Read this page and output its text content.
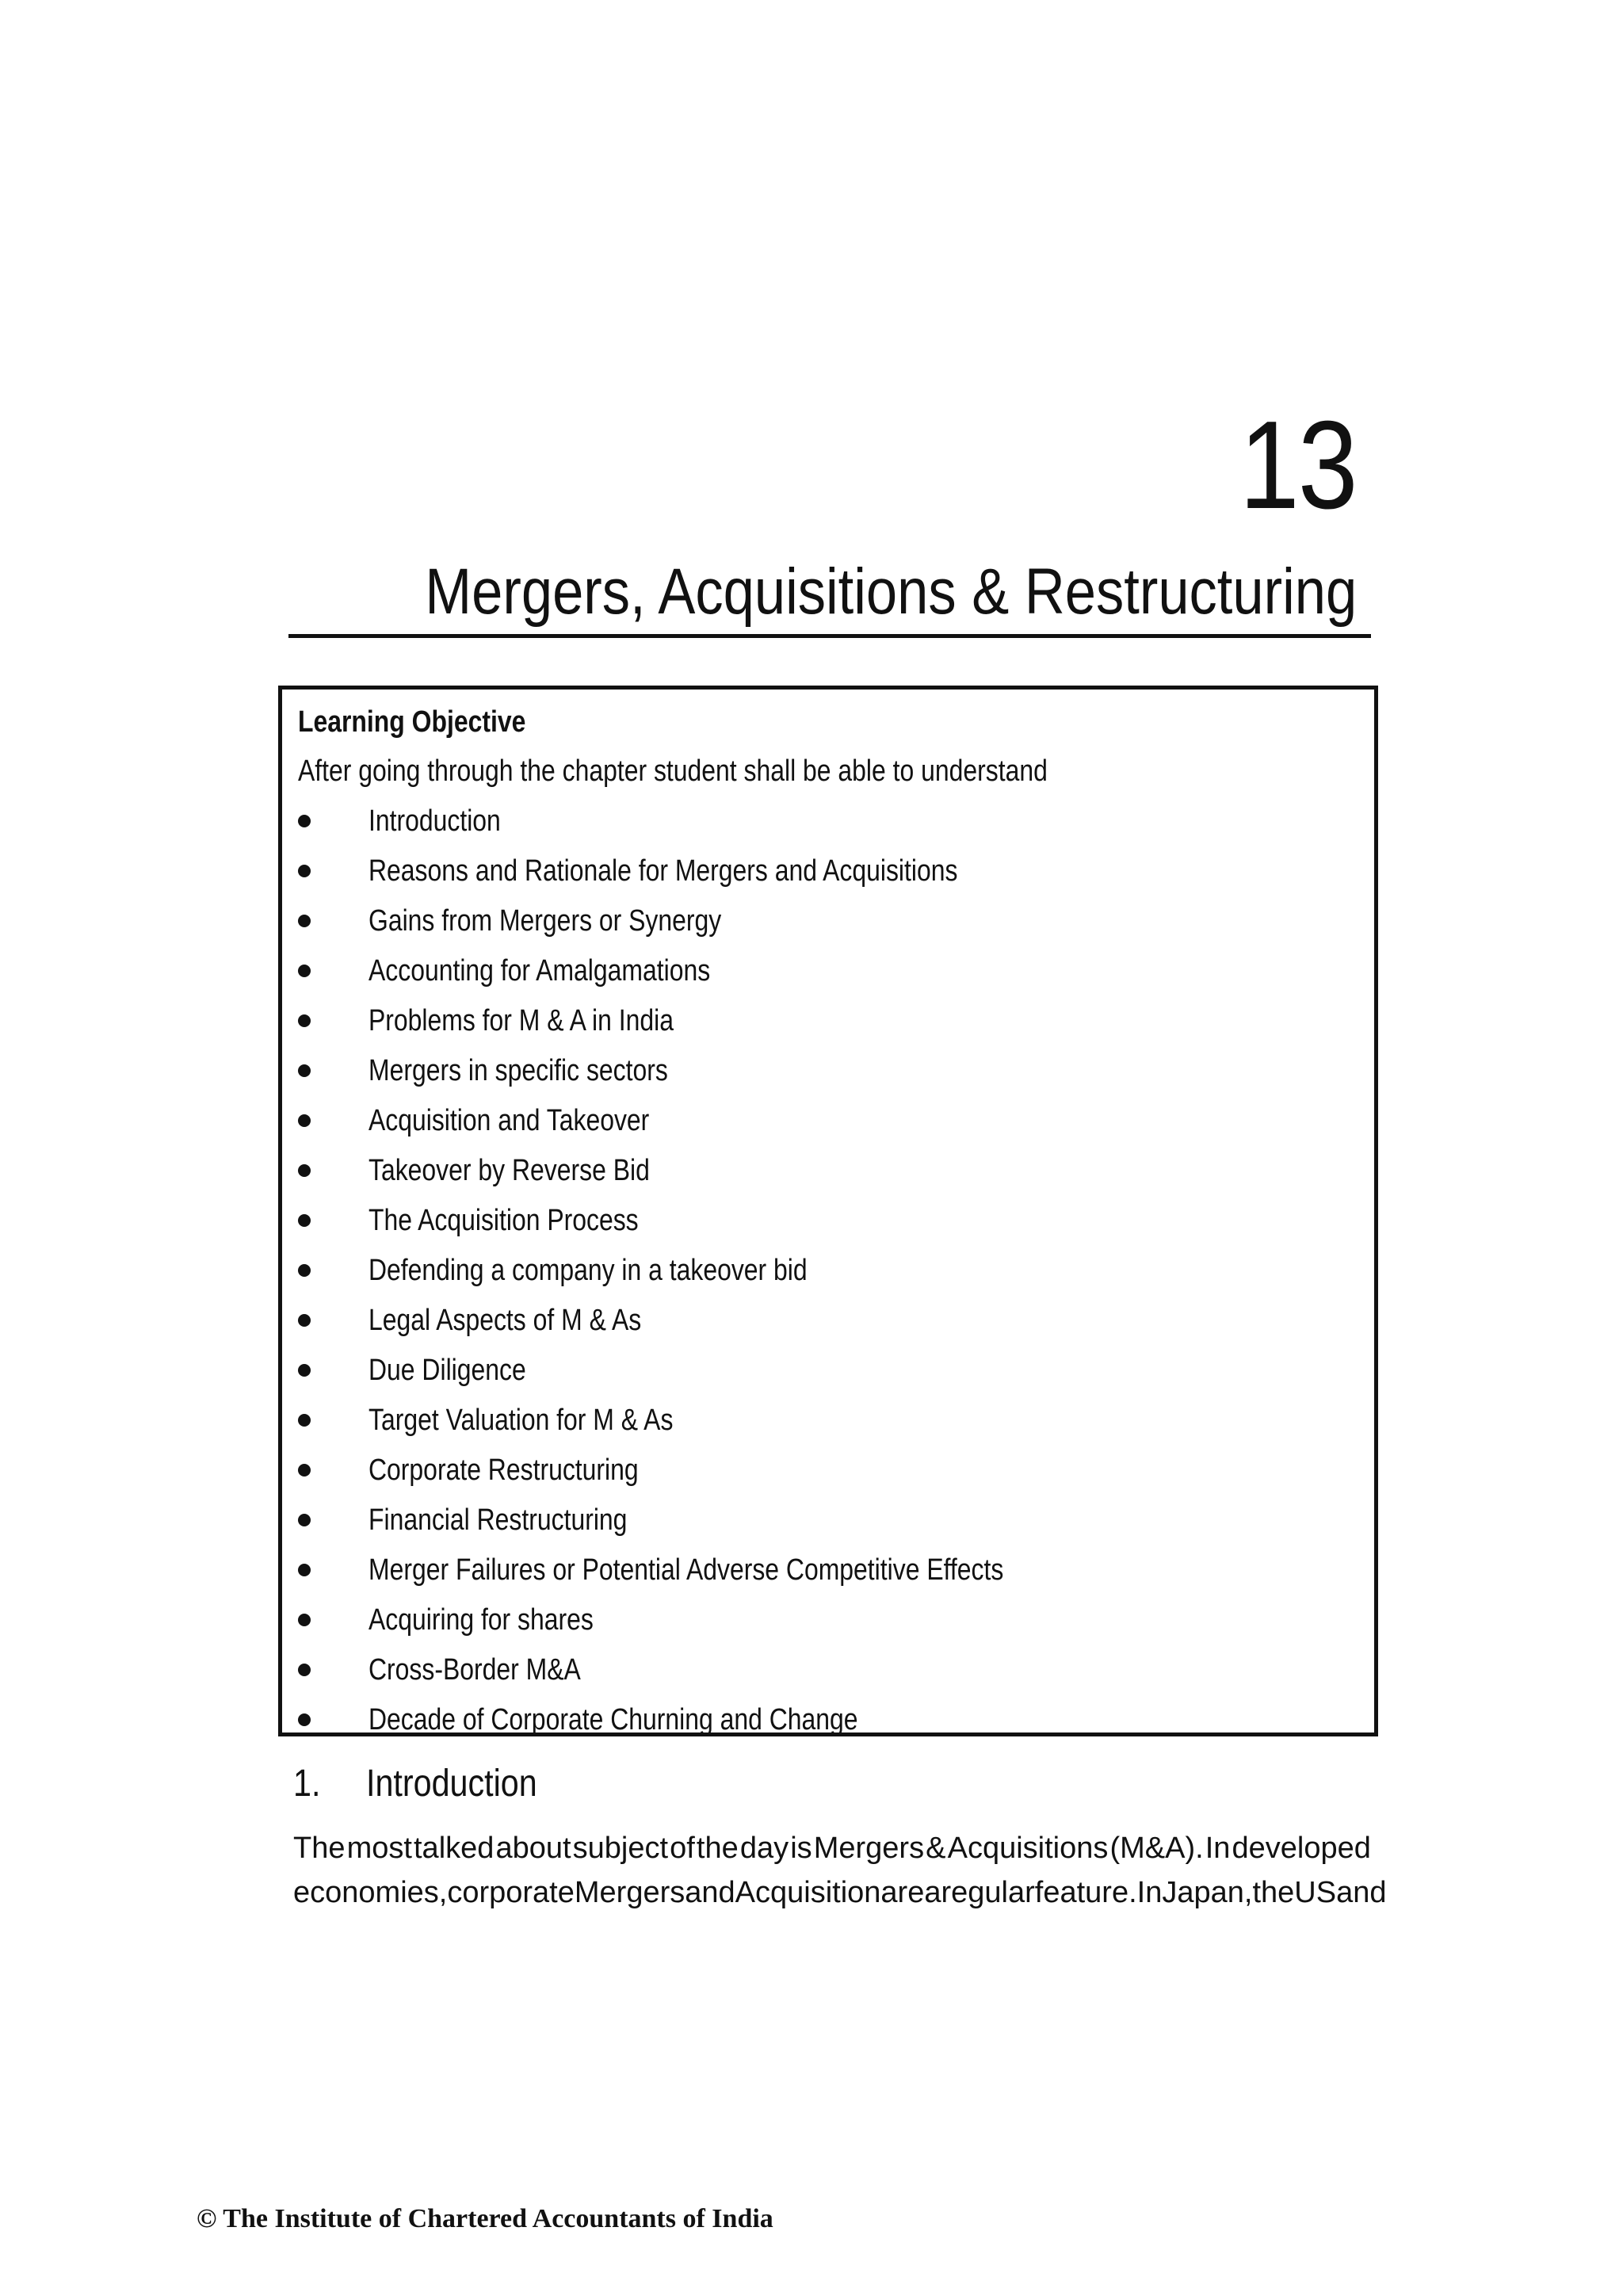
13
Mergers, Acquisitions & Restructuring
Learning Objective
After going through the chapter student shall be able to understand
Introduction
Reasons and Rationale for Mergers and Acquisitions
Gains from Mergers or Synergy
Accounting for Amalgamations
Problems for M & A in India
Mergers in specific sectors
Acquisition and Takeover
Takeover by Reverse Bid
The Acquisition Process
Defending a company in a takeover bid
Legal Aspects of M & As
Due Diligence
Target Valuation for M & As
Corporate Restructuring
Financial Restructuring
Merger Failures or Potential Adverse Competitive Effects
Acquiring for shares
Cross-Border M&A
Decade of Corporate Churning and Change
1. Introduction
The most talked about subject of the day is Mergers & Acquisitions (M&A). In developed
economies, corporate Mergers and Acquisition are a regular feature. In Japan, the US and
© The Institute of Chartered Accountants of India
